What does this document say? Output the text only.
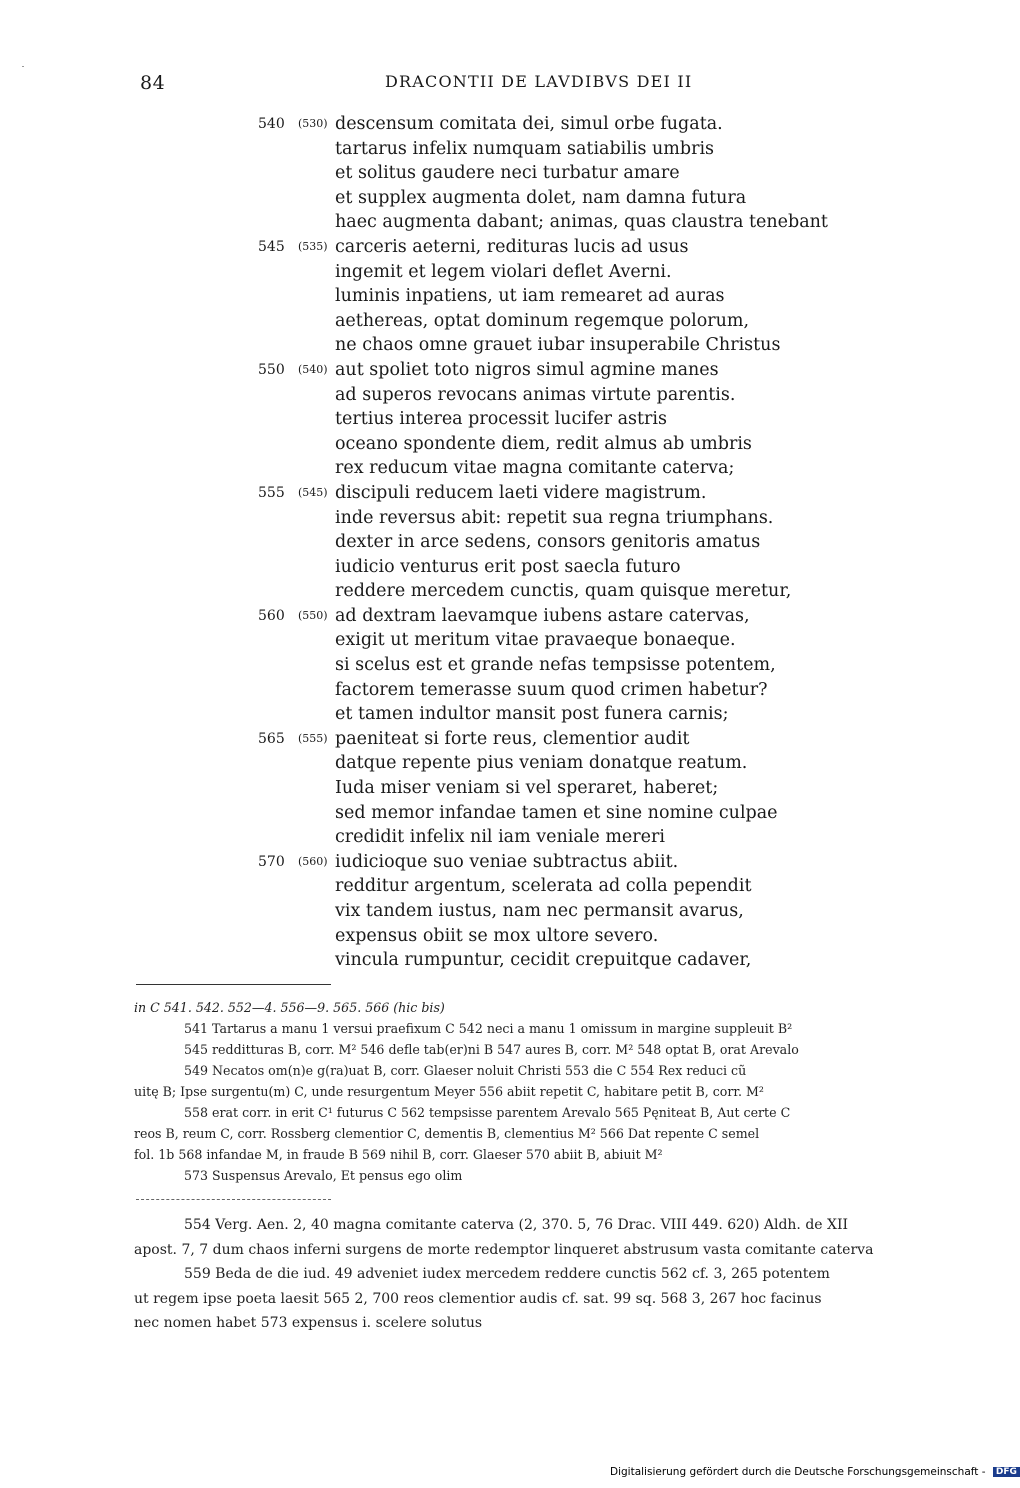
84	DRACONTII DE LAVDIBVS DEI II
540 (530) descensum comitata dei, simul orbe fugata.
tartarus infelix numquam satiabilis umbris
et solitus gaudere neci turbatur amare
et supplex augmenta dolet, nam damna futura
haec augmenta dabant; animas, quas claustra tenebant
545 (535) carceris aeterni, redituras lucis ad usus
ingemit et legem violari deflet Averni.
luminis inpatiens, ut iam remearet ad auras
aethereas, optat dominum regemque polorum,
ne chaos omne grauet iubar insuperabile Christus
550 (540) aut spoliet toto nigros simul agmine manes
ad superos revocans animas virtute parentis.
tertius interea processit lucifer astris
oceano spondente diem, redit almus ab umbris
rex reducum vitae magna comitante caterva;
555 (545) discipuli reducem laeti videre magistrum.
inde reversus abit: repetit sua regna triumphans.
dexter in arce sedens, consors genitoris amatus
iudicio venturus erit post saecla futuro
reddere mercedem cunctis, quam quisque meretur,
560 (550) ad dextram laevamque iubens astare catervas,
exigit ut meritum vitae pravaeque bonaeque.
si scelus est et grande nefas tempsisse potentem,
factorem temerasse suum quod crimen habetur?
et tamen indultor mansit post funera carnis;
565 (555) paeniteat si forte reus, clementior audit
datque repente pius veniam donatque reatum.
Iuda miser veniam si vel speraret, haberet;
sed memor infandae tamen et sine nomine culpae
credidit infelix nil iam veniale mereri
570 (560) iudicioque suo veniae subtractus abiit.
redditur argentum, scelerata ad colla pependit
vix tandem iustus, nam nec permansit avarus,
expensus obiit se mox ultore severo.
vincula rumpuntur, cecidit crepuitque cadaver,
in C 541. 542. 552—4. 556—9. 565. 566 (hic bis)
541 Tartarus a manu 1 versui praefixum C 542 neci a manu 1 omissum in margine suppleuit B²
545 redditturas B, corr. M² 546 defle tab(er)ni B 547 aures B, corr. M² 548 optat B, orat Arevalo
549 Necatos om(n)e g(ra)uat B, corr. Glaeser noluit Christi 553 die C 554 Rex reduci cũ
uitę B; Ipse surgentu(m) C, unde resurgentum Meyer 556 abiit repetit C, habitare petit B, corr. M²
558 erat corr. in erit C¹ futurus C 562 tempsisse parentem Arevalo 565 Pęniteat B, Aut certe C
reos B, reum C, corr. Rossberg clementior C, dementis B, clementius M² 566 Dat repente C semel
fol. 1b 568 infandae M, in fraude B 569 nihil B, corr. Glaeser 570 abiit B, abiuit M²
573 Suspensus Arevalo, Et pensus ego olim
554 Verg. Aen. 2, 40 magna comitante caterva (2, 370. 5, 76 Drac. VIII 449. 620) Aldh. de XII
apost. 7, 7 dum chaos inferni surgens de morte redemptor linqueret abstrusum vasta comitante caterva
559 Beda de die iud. 49 adveniet iudex mercedem reddere cunctis 562 cf. 3, 265 potentem
ut regem ipse poeta laesit 565 2, 700 reos clementior audis cf. sat. 99 sq. 568 3, 267 hoc facinus
nec nomen habet 573 expensus i. scelere solutus
Digitalisierung gefördert durch die Deutsche Forschungsgemeinschaft - DFG
